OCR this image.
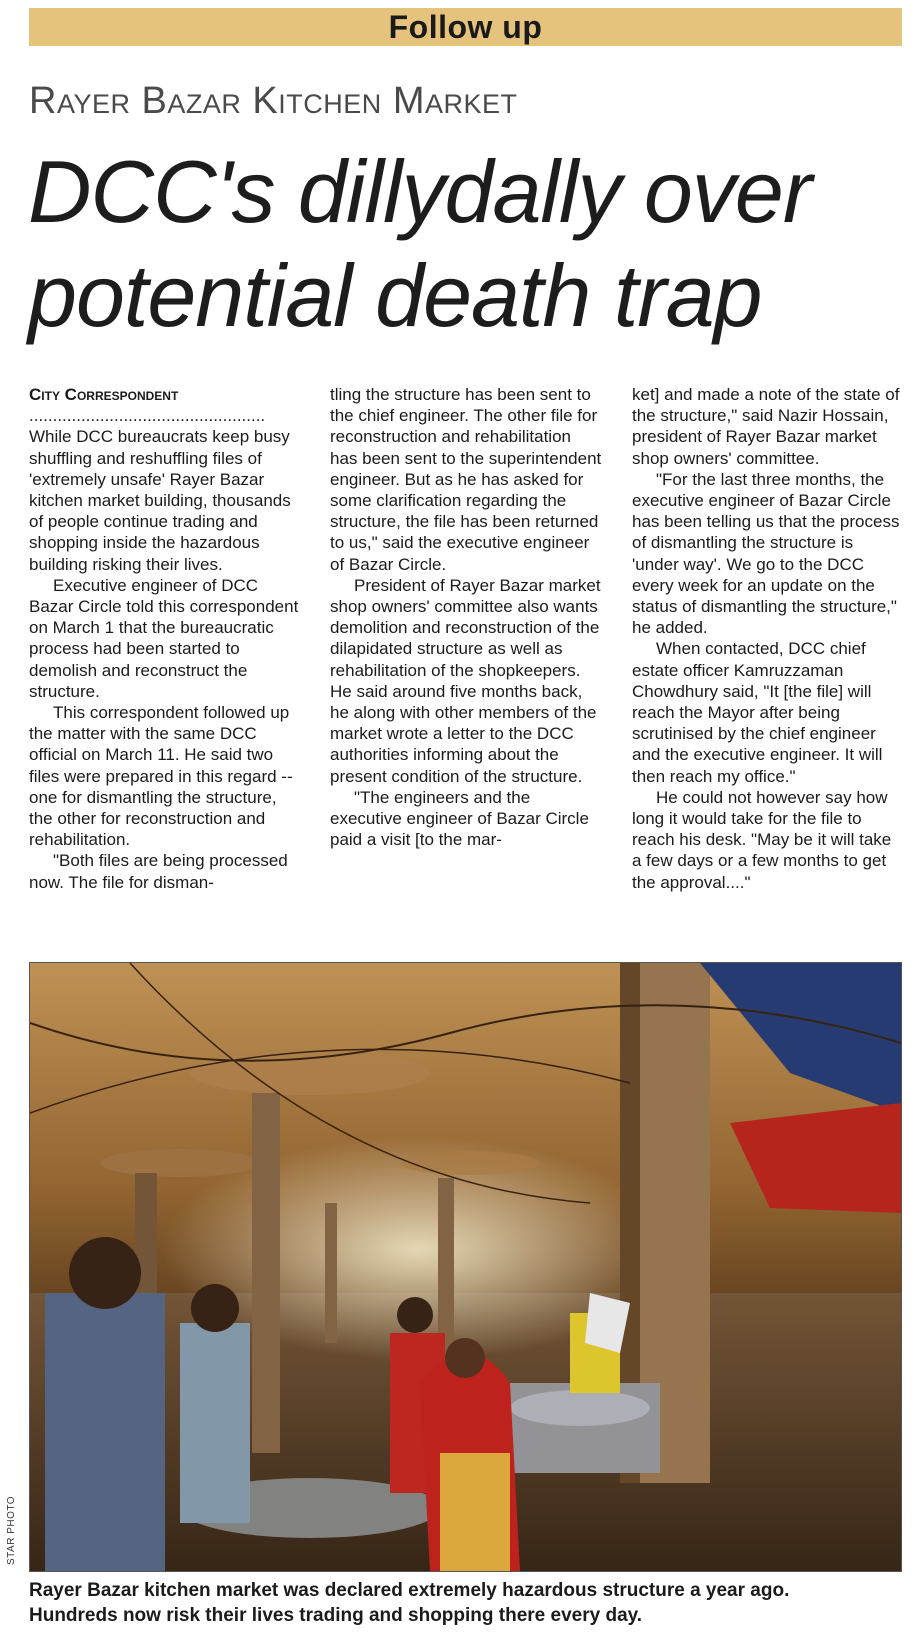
Follow up
Rayer Bazar Kitchen Market
DCC's dillydally over
potential death trap
City Correspondent
..................................................

While DCC bureaucrats keep busy shuffling and reshuffling files of 'extremely unsafe' Rayer Bazar kitchen market building, thousands of people continue trading and shopping inside the hazardous building risking their lives.

Executive engineer of DCC Bazar Circle told this correspondent on March 1 that the bureaucratic process had been started to demolish and reconstruct the structure.

This correspondent followed up the matter with the same DCC official on March 11. He said two files were prepared in this regard -- one for dismantling the structure, the other for reconstruction and rehabilitation.

"Both files are being processed now. The file for disman-

tling the structure has been sent to the chief engineer. The other file for reconstruction and rehabilitation has been sent to the superintendent engineer. But as he has asked for some clarification regarding the structure, the file has been returned to us," said the executive engineer of Bazar Circle.

President of Rayer Bazar market shop owners' committee also wants demolition and reconstruction of the dilapidated structure as well as rehabilitation of the shopkeepers. He said around five months back, he along with other members of the market wrote a letter to the DCC authorities informing about the present condition of the structure.

"The engineers and the executive engineer of Bazar Circle paid a visit [to the mar-

ket] and made a note of the state of the structure," said Nazir Hossain, president of Rayer Bazar market shop owners' committee.

"For the last three months, the executive engineer of Bazar Circle has been telling us that the process of dismantling the structure is 'under way'. We go to the DCC every week for an update on the status of dismantling the structure," he added.

When contacted, DCC chief estate officer Kamruzzaman Chowdhury said, "It [the file] will reach the Mayor after being scrutinised by the chief engineer and the executive engineer. It will then reach my office."

He could not however say how long it would take for the file to reach his desk. "May be it will take a few days or a few months to get the approval...."

STAR PHOTO
Rayer Bazar kitchen market was declared extremely hazardous structure a year ago.
Hundreds now risk their lives trading and shopping there every day.
